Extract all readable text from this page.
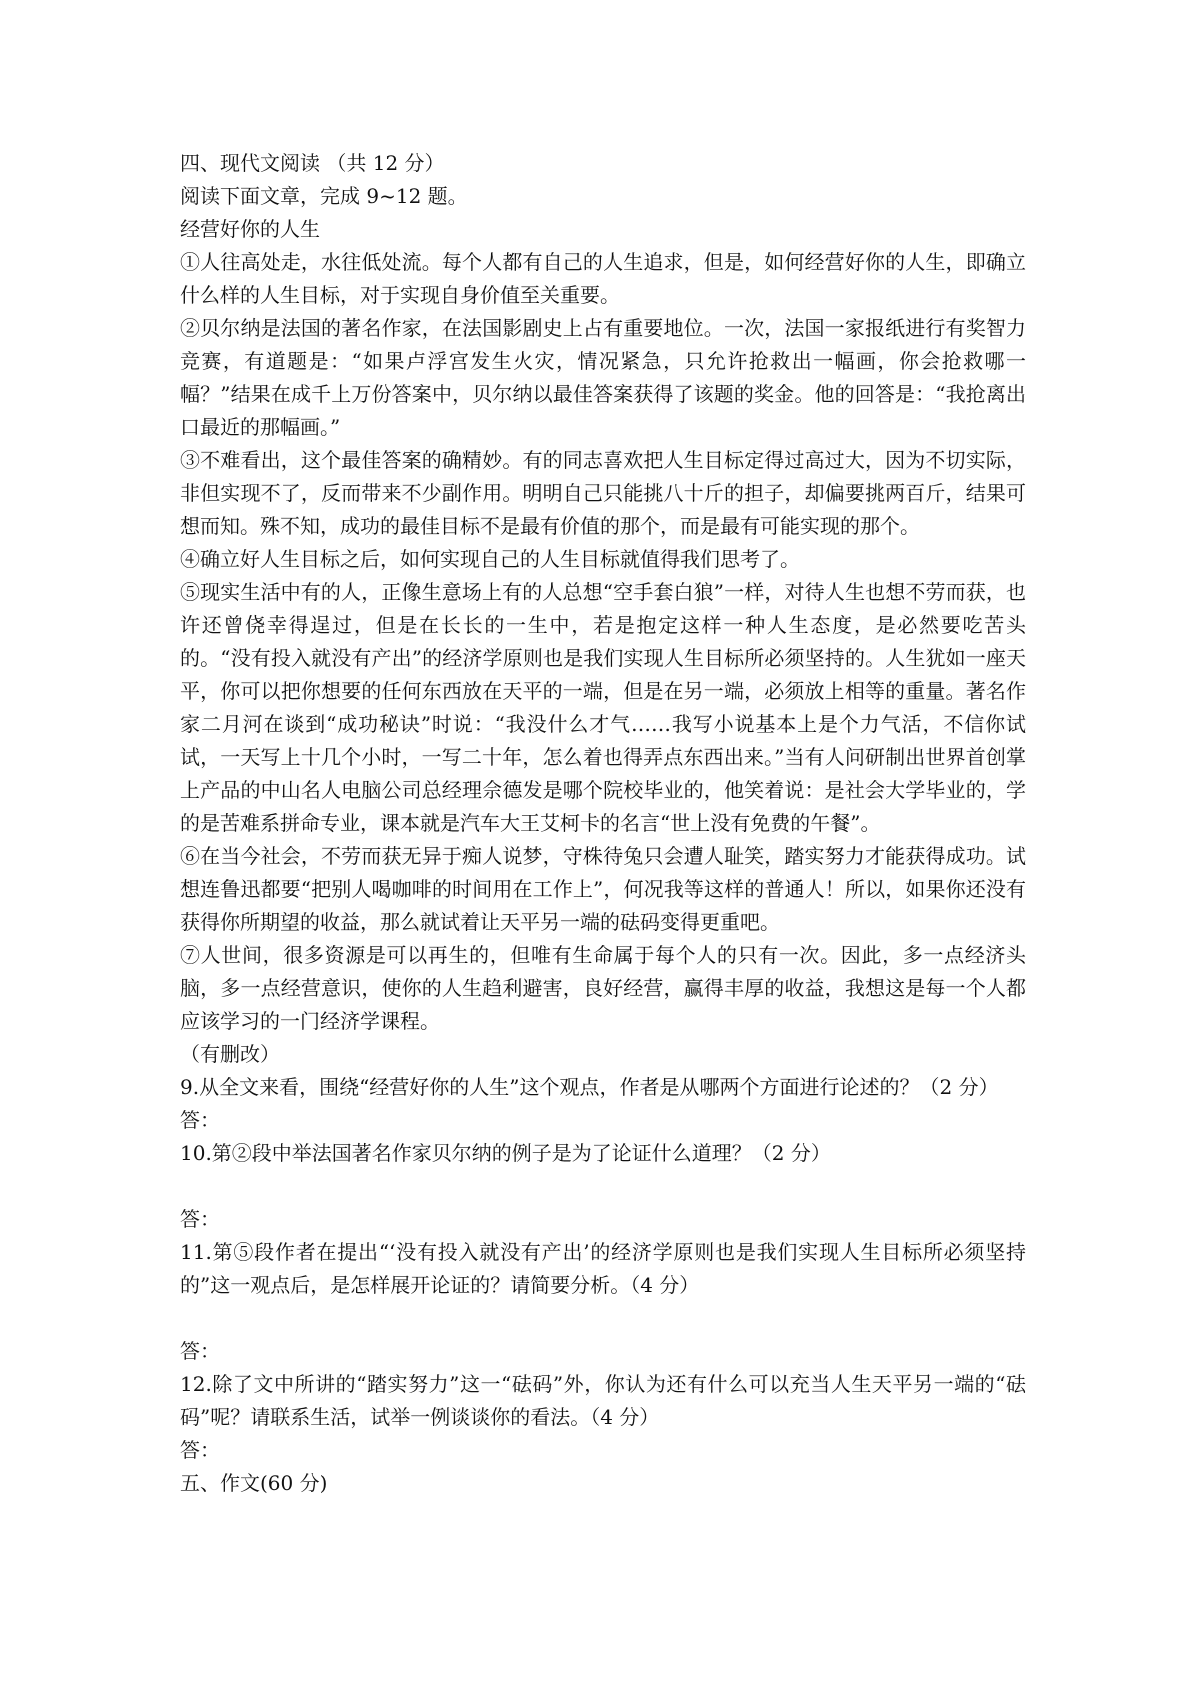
四、现代文阅读 （共 12 分）

阅读下面文章，完成 9~12 题。

经营好你的人生

①人往高处走，水往低处流。每个人都有自己的人生追求，但是，如何经营好你的人生，即确立什么样的人生目标，对于实现自身价值至关重要。

②贝尔纳是法国的著名作家，在法国影剧史上占有重要地位。一次，法国一家报纸进行有奖智力竞赛，有道题是：“如果卢浮宫发生火灾，情况紧急，只允许抢救出一幅画，你会抢救哪一幅？”结果在成千上万份答案中，贝尔纳以最佳答案获得了该题的奖金。他的回答是：“我抢离出口最近的那幅画。”

③不难看出，这个最佳答案的确精妙。有的同志喜欢把人生目标定得过高过大，因为不切实际，非但实现不了，反而带来不少副作用。明明自己只能挑八十斤的担子，却偏要挑两百斤，结果可想而知。殊不知，成功的最佳目标不是最有价值的那个，而是最有可能实现的那个。

④确立好人生目标之后，如何实现自己的人生目标就值得我们思考了。

⑤现实生活中有的人，正像生意场上有的人总想“空手套白狼”一样，对待人生也想不劳而获，也许还曾侥幸得逞过，但是在长长的一生中，若是抱定这样一种人生态度，是必然要吃苦头的。“没有投入就没有产出”的经济学原则也是我们实现人生目标所必须坚持的。人生犹如一座天平，你可以把你想要的任何东西放在天平的一端，但是在另一端，必须放上相等的重量。著名作家二月河在谈到“成功秘诀”时说：“我没什么才气……我写小说基本上是个力气活，不信你试试，一天写上十几个小时，一写二十年，怎么着也得弄点东西出来。”当有人问研制出世界首创掌上产品的中山名人电脑公司总经理佘德发是哪个院校毕业的，他笑着说：是社会大学毕业的，学的是苦难系拼命专业，课本就是汽车大王艾柯卡的名言“世上没有免费的午餐”。

⑥在当今社会，不劳而获无异于痴人说梦，守株待兔只会遭人耻笑，踏实努力才能获得成功。试想连鲁迅都要“把别人喝咖啡的时间用在工作上”，何况我等这样的普通人！所以，如果你还没有获得你所期望的收益，那么就试着让天平另一端的砝码变得更重吧。

⑦人世间，很多资源是可以再生的，但唯有生命属于每个人的只有一次。因此，多一点经济头脑，多一点经营意识，使你的人生趋利避害，良好经营，赢得丰厚的收益，我想这是每一个人都应该学习的一门经济学课程。

（有删改）

9.从全文来看，围绕“经营好你的人生”这个观点，作者是从哪两个方面进行论述的？（2 分）

答：

10.第②段中举法国著名作家贝尔纳的例子是为了论证什么道理？（2 分）

答：

11.第⑤段作者在提出“‘没有投入就没有产出’的经济学原则也是我们实现人生目标所必须坚持的”这一观点后，是怎样展开论证的？请简要分析。（4 分）

答：

12.除了文中所讲的“踏实努力”这一“砝码”外，你认为还有什么可以充当人生天平另一端的“砝码”呢？请联系生活，试举一例谈谈你的看法。（4 分）

答：

五、作文(60 分)
